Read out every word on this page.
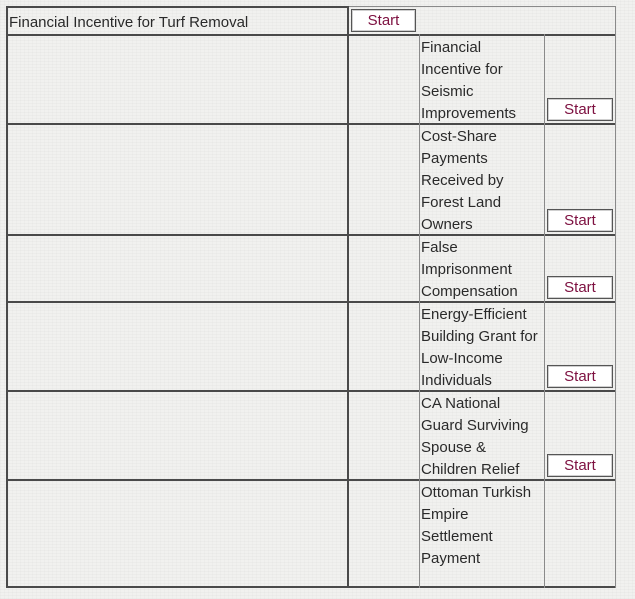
Financial Incentive for Turf Removal	Start
Financial
Incentive for
Seismic
Improvements	Start
Cost-Share
Payments
Received by
Forest Land
Owners	Start
False
Imprisonment
Compensation	Start
Energy-Efficient
Building Grant for
Low-Income
Individuals	Start
CA National
Guard Surviving
Spouse &
Children Relief	Start
Ottoman Turkish
Empire
Settlement
Payment
